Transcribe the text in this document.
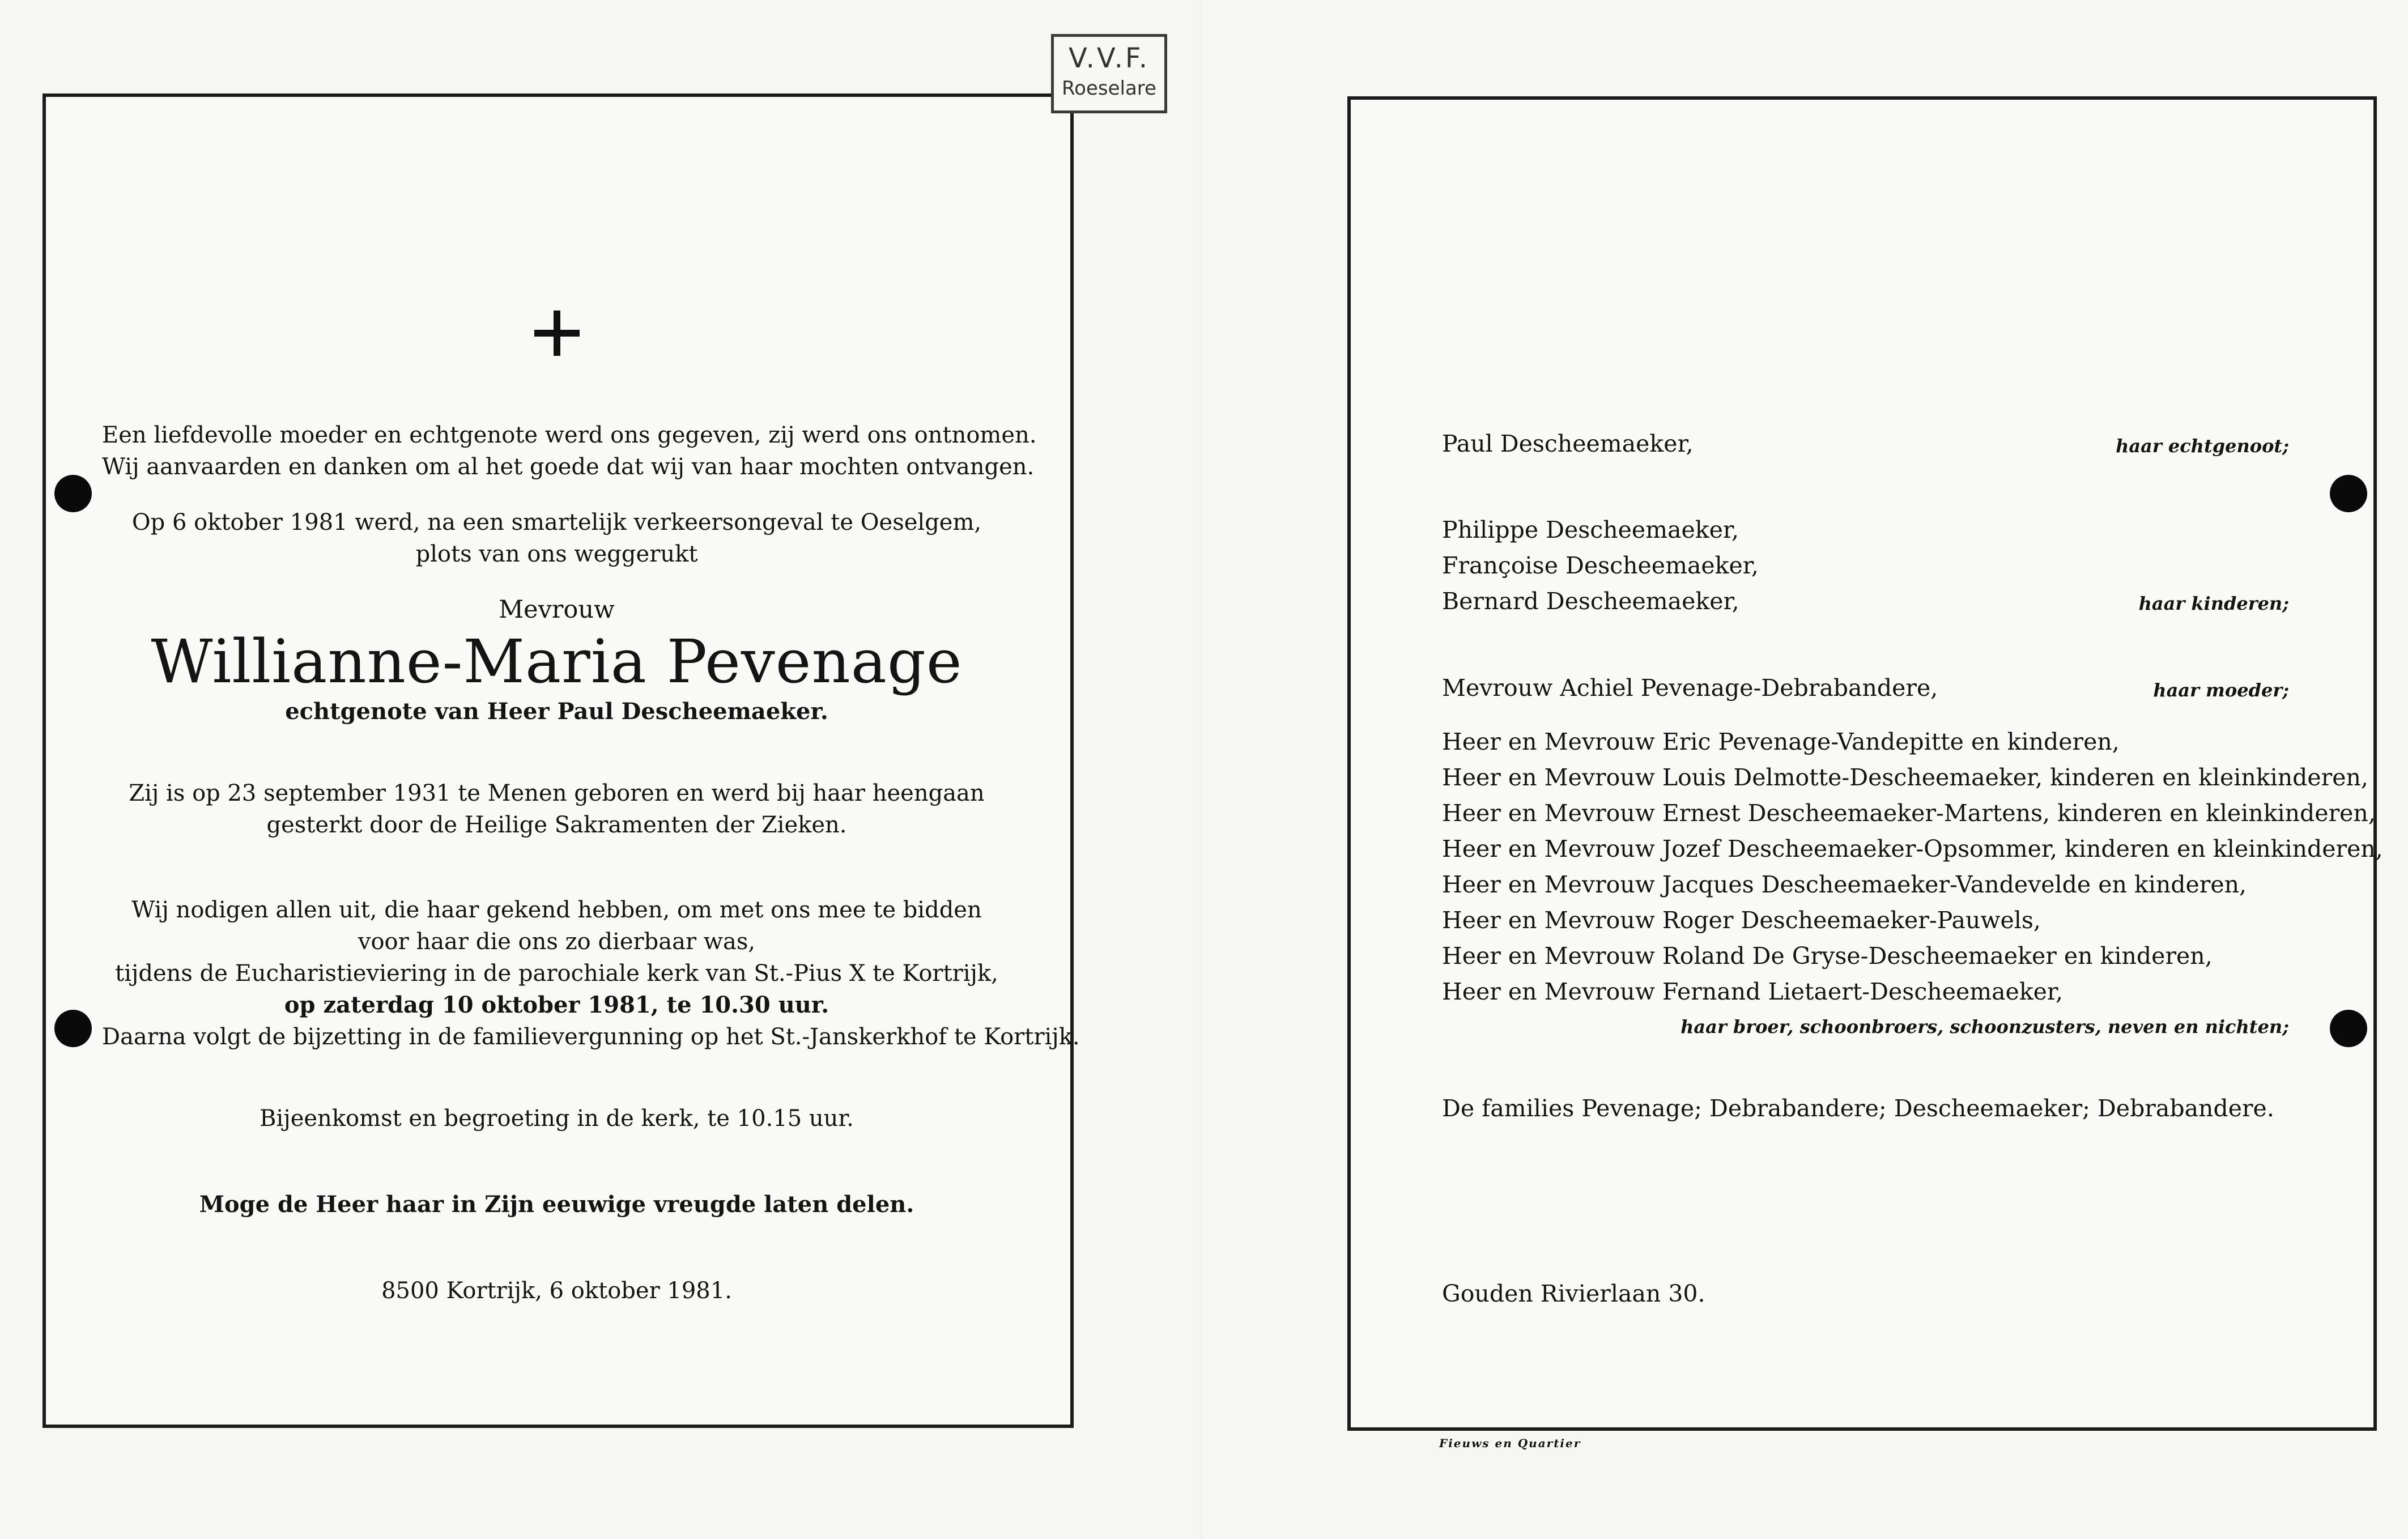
V.V.F.
Roeselare

Een liefdevolle moeder en echtgenote werd ons gegeven, zij werd ons ontnomen.

Wij aanvaarden en danken om al het goede dat wij van haar mochten ontvangen.

Op 6 oktober 1981 werd, na een smartelijk verkeersongeval te Oeselgem,

plots van ons weggerukt

Mevrouw

Willianne-Maria Pevenage

echtgenote van Heer Paul Descheemaeker.

Zij is op 23 september 1931 te Menen geboren en werd bij haar heengaan

gesterkt door de Heilige Sakramenten der Zieken.

Wij nodigen allen uit, die haar gekend hebben, om met ons mee te bidden

voor haar die ons zo dierbaar was,

tijdens de Eucharistieviering in de parochiale kerk van St.-Pius X te Kortrijk,

op zaterdag 10 oktober 1981, te 10.30 uur.

Daarna volgt de bijzetting in de familievergunning op het St.-Janskerkhof te Kortrijk.

Bijeenkomst en begroeting in de kerk, te 10.15 uur.

Moge de Heer haar in Zijn eeuwige vreugde laten delen.

8500 Kortrijk, 6 oktober 1981.

Paul Descheemaeker,	haar echtgenoot;
Philippe Descheemaeker,
Françoise Descheemaeker,
Bernard Descheemaeker,	haar kinderen;
Mevrouw Achiel Pevenage-Debrabandere,	haar moeder;
Heer en Mevrouw Eric Pevenage-Vandepitte en kinderen,
Heer en Mevrouw Louis Delmotte-Descheemaeker, kinderen en kleinkinderen,
Heer en Mevrouw Ernest Descheemaeker-Martens, kinderen en kleinkinderen,
Heer en Mevrouw Jozef Descheemaeker-Opsommer, kinderen en kleinkinderen,
Heer en Mevrouw Jacques Descheemaeker-Vandevelde en kinderen,
Heer en Mevrouw Roger Descheemaeker-Pauwels,
Heer en Mevrouw Roland De Gryse-Descheemaeker en kinderen,
Heer en Mevrouw Fernand Lietaert-Descheemaeker,
haar broer, schoonbroers, schoonzusters, neven en nichten;
De families Pevenage; Debrabandere; Descheemaeker; Debrabandere.
Gouden Rivierlaan 30.
Fieuws en Quartier
